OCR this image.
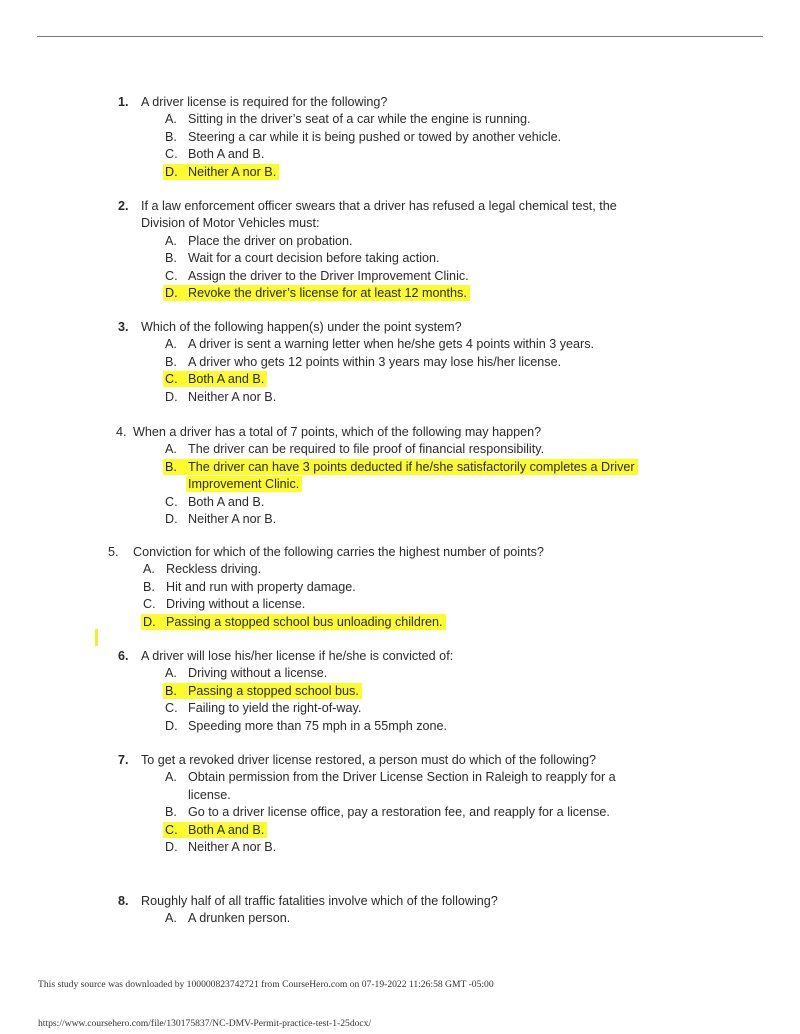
1. A driver license is required for the following?
A. Sitting in the driver’s seat of a car while the engine is running.
B. Steering a car while it is being pushed or towed by another vehicle.
C. Both A and B.
D. Neither A nor B.
2. If a law enforcement officer swears that a driver has refused a legal chemical test, the
Division of Motor Vehicles must:
A. Place the driver on probation.
B. Wait for a court decision before taking action.
C. Assign the driver to the Driver Improvement Clinic.
D. Revoke the driver’s license for at least 12 months.
3. Which of the following happen(s) under the point system?
A. A driver is sent a warning letter when he/she gets 4 points within 3 years.
B. A driver who gets 12 points within 3 years may lose his/her license.
C. Both A and B.
D. Neither A nor B.
4. When a driver has a total of 7 points, which of the following may happen?
A. The driver can be required to file proof of financial responsibility.
B. The driver can have 3 points deducted if he/she satisfactorily completes a Driver
Improvement Clinic.
C. Both A and B.
D. Neither A nor B.
5. Conviction for which of the following carries the highest number of points?
A. Reckless driving.
B. Hit and run with property damage.
C. Driving without a license.
D. Passing a stopped school bus unloading children.
6. A driver will lose his/her license if he/she is convicted of:
A. Driving without a license.
B. Passing a stopped school bus.
C. Failing to yield the right-of-way.
D. Speeding more than 75 mph in a 55mph zone.
7. To get a revoked driver license restored, a person must do which of the following?
A. Obtain permission from the Driver License Section in Raleigh to reapply for a
license.
B. Go to a driver license office, pay a restoration fee, and reapply for a license.
C. Both A and B.
D. Neither A nor B.
8. Roughly half of all traffic fatalities involve which of the following?
A. A drunken person.
This study source was downloaded by 100000823742721 from CourseHero.com on 07-19-2022 11:26:58 GMT -05:00
https://www.coursehero.com/file/130175837/NC-DMV-Permit-practice-test-1-25docx/
